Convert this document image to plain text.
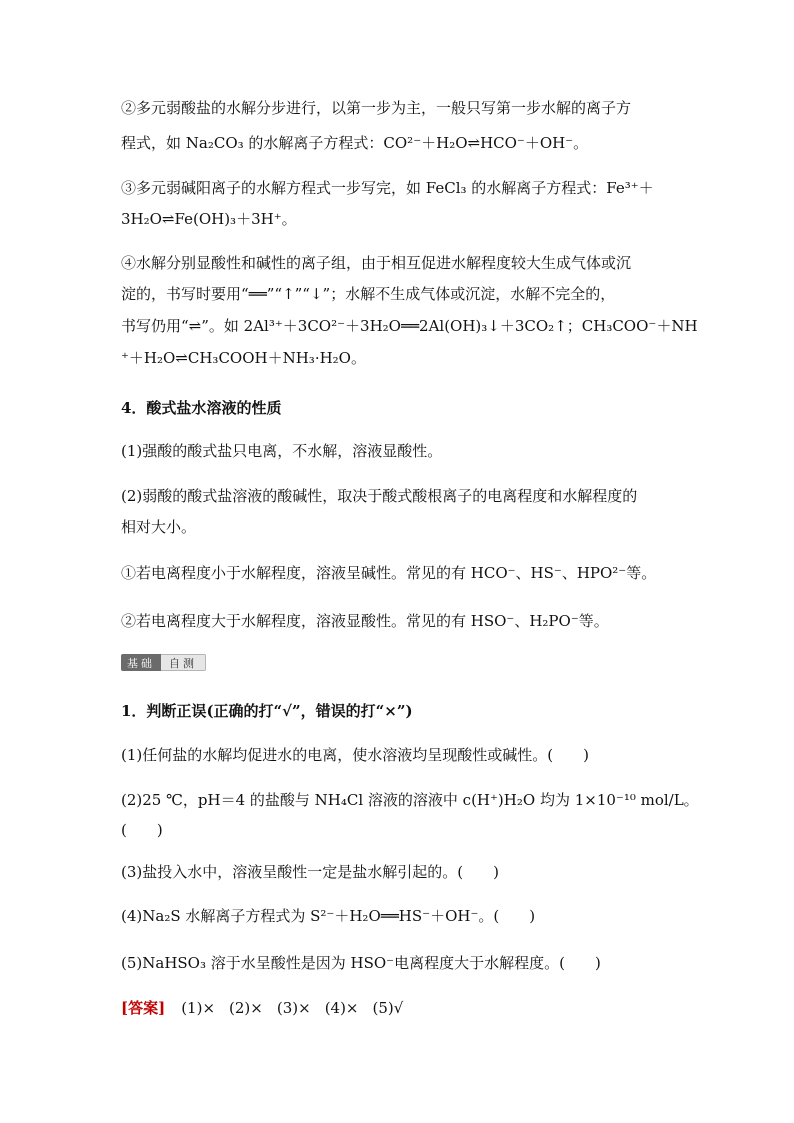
②多元弱酸盐的水解分步进行，以第一步为主，一般只写第一步水解的离子方
程式，如 Na₂CO₃ 的水解离子方程式：CO²⁻＋H₂O⇌HCO⁻＋OH⁻。
③多元弱碱阳离子的水解方程式一步写完，如 FeCl₃ 的水解离子方程式：Fe³⁺＋
3H₂O⇌Fe(OH)₃＋3H⁺。
④水解分别显酸性和碱性的离子组，由于相互促进水解程度较大生成气体或沉
淀的，书写时要用“══”“↑”“↓”；水解不生成气体或沉淀，水解不完全的，
书写仍用“⇌”。如 2Al³⁺＋3CO²⁻＋3H₂O══2Al(OH)₃↓＋3CO₂↑；CH₃COO⁻＋NH
⁺＋H₂O⇌CH₃COOH＋NH₃·H₂O。
4．酸式盐水溶液的性质
(1)强酸的酸式盐只电离，不水解，溶液显酸性。
(2)弱酸的酸式盐溶液的酸碱性，取决于酸式酸根离子的电离程度和水解程度的
相对大小。
①若电离程度小于水解程度，溶液呈碱性。常见的有 HCO⁻、HS⁻、HPO²⁻等。
②若电离程度大于水解程度，溶液显酸性。常见的有 HSO⁻、H₂PO⁻等。
基础	自测
1．判断正误(正确的打“√”，错误的打“×”)
(1)任何盐的水解均促进水的电离，使水溶液均呈现酸性或碱性。(　　)
(2)25 ℃，pH＝4 的盐酸与 NH₄Cl 溶液的溶液中 c(H⁺)H₂O 均为 1×10⁻¹⁰ mol/L。
(　　)
(3)盐投入水中，溶液呈酸性一定是盐水解引起的。(　　)
(4)Na₂S 水解离子方程式为 S²⁻＋H₂O══HS⁻＋OH⁻。(　　)
(5)NaHSO₃ 溶于水呈酸性是因为 HSO⁻电离程度大于水解程度。(　　)
[答案] (1)× (2)× (3)× (4)× (5)√
